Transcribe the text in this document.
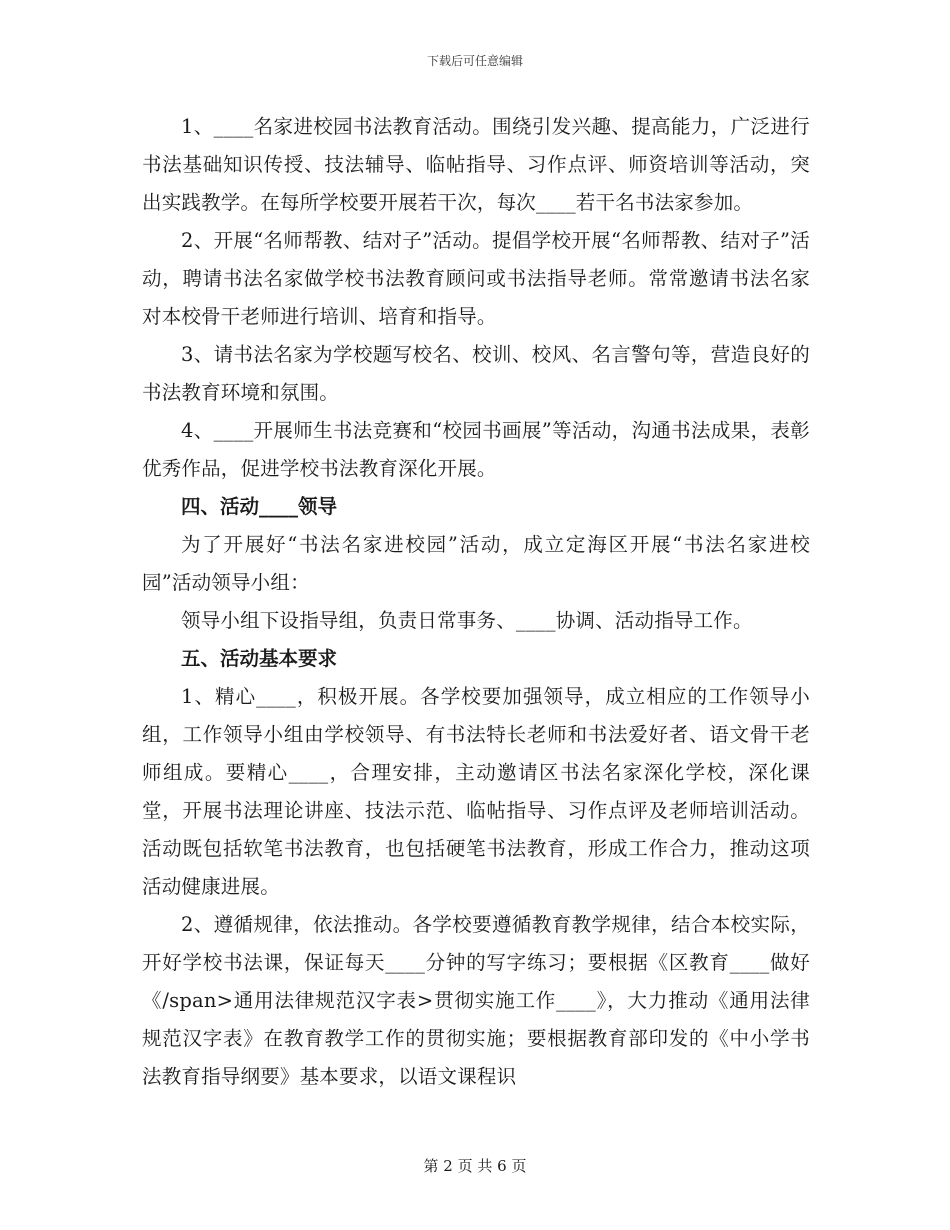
下载后可任意编辑

1、____名家进校园书法教育活动。围绕引发兴趣、提高能力，广泛进行书法基础知识传授、技法辅导、临帖指导、习作点评、师资培训等活动，突出实践教学。在每所学校要开展若干次，每次____若干名书法家参加。

2、开展“名师帮教、结对子”活动。提倡学校开展“名师帮教、结对子”活动，聘请书法名家做学校书法教育顾问或书法指导老师。常常邀请书法名家对本校骨干老师进行培训、培育和指导。

3、请书法名家为学校题写校名、校训、校风、名言警句等，营造良好的书法教育环境和氛围。

4、____开展师生书法竞赛和“校园书画展”等活动，沟通书法成果，表彰优秀作品，促进学校书法教育深化开展。

四、活动____领导

为了开展好“书法名家进校园”活动，成立定海区开展“书法名家进校园”活动领导小组：

领导小组下设指导组，负责日常事务、____协调、活动指导工作。

五、活动基本要求

1、精心____，积极开展。各学校要加强领导，成立相应的工作领导小组，工作领导小组由学校领导、有书法特长老师和书法爱好者、语文骨干老师组成。要精心____，合理安排，主动邀请区书法名家深化学校，深化课堂，开展书法理论讲座、技法示范、临帖指导、习作点评及老师培训活动。活动既包括软笔书法教育，也包括硬笔书法教育，形成工作合力，推动这项活动健康进展。

2、遵循规律，依法推动。各学校要遵循教育教学规律，结合本校实际，开好学校书法课，保证每天____分钟的写字练习；要根据《区教育____做好《/span>通用法律规范汉字表>贯彻实施工作____》，大力推动《通用法律规范汉字表》在教育教学工作的贯彻实施；要根据教育部印发的《中小学书法教育指导纲要》基本要求，以语文课程识

第 2 页 共 6 页
